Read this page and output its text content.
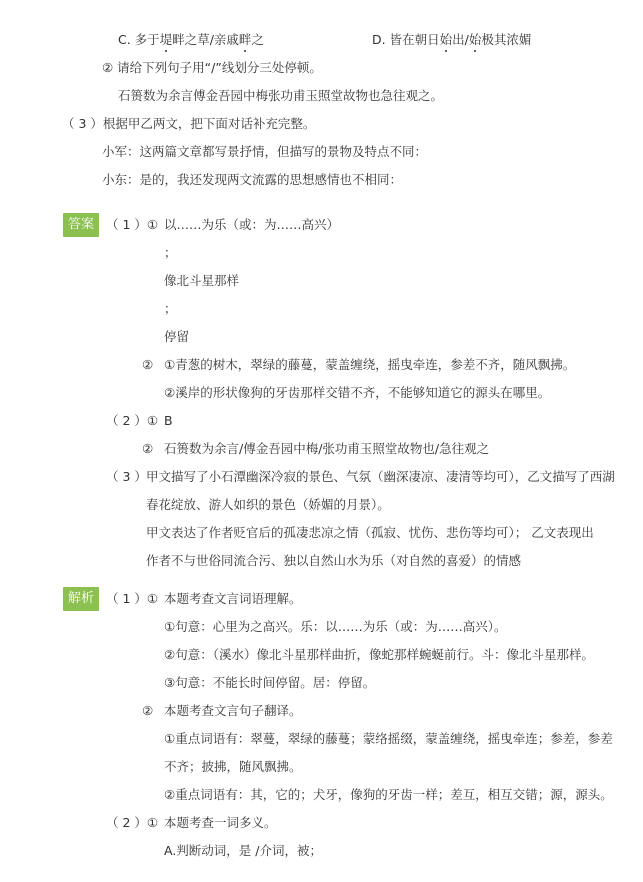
C. 多于堤畔之草/亲戚畔之	D. 皆在朝日始出/始极其浓媚
② 请给下列句子用“/”线划分三处停顿。
石篑数为余言傅金吾园中梅张功甫玉照堂故物也急往观之。
（ 3 ）根据甲乙两文，把下面对话补充完整。
小军：这两篇文章都写景抒情，但描写的景物及特点不同：
小东：是的，我还发现两文流露的思想感情也不相同：
答案 （ 1 ）① 以……为乐（或：为……高兴）
；
像北斗星那样
；
停留
② ①青葱的树木，翠绿的藤蔓，蒙盖缠绕，摇曳牵连，参差不齐，随风飘拂。
②溪岸的形状像狗的牙齿那样交错不齐，不能够知道它的源头在哪里。
（ 2 ）① B
② 石篑数为余言/傅金吾园中梅/张功甫玉照堂故物也/急往观之
（ 3 ） 甲文描写了小石潭幽深冷寂的景色、气氛（幽深凄凉、凄清等均可），乙文描写了西湖
春花绽放、游人如织的景色（娇媚的月景）。
甲文表达了作者贬官后的孤凄悲凉之情（孤寂、忧伤、悲伤等均可）； 乙文表现出
作者不与世俗同流合污、独以自然山水为乐（对自然的喜爱）的情感
解析 （ 1 ）① 本题考查文言词语理解。
①句意：心里为之高兴。乐：以……为乐（或：为……高兴）。
②句意：（溪水）像北斗星那样曲折，像蛇那样蜿蜒前行。斗：像北斗星那样。
③句意：不能长时间停留。居：停留。
② 本题考查文言句子翻译。
①重点词语有：翠蔓，翠绿的藤蔓；蒙络摇缀，蒙盖缠绕，摇曳牵连；参差，参差
不齐；披拂，随风飘拂。
②重点词语有：其，它的；犬牙，像狗的牙齿一样；差互，相互交错；源，源头。
（ 2 ）① 本题考查一词多义。
A.判断动词，是 /介词，被；
